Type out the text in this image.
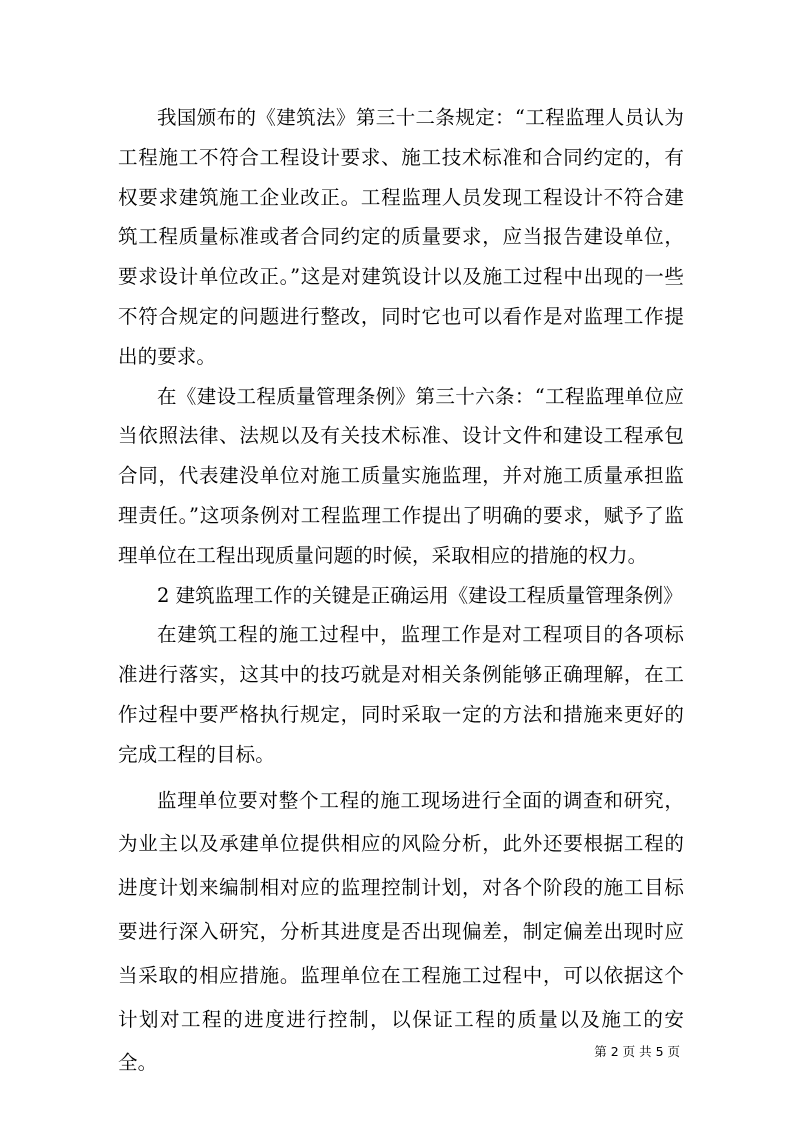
我国颁布的《建筑法》第三十二条规定：“工程监理人员认为工程施工不符合工程设计要求、施工技术标准和合同约定的，有权要求建筑施工企业改正。工程监理人员发现工程设计不符合建筑工程质量标准或者合同约定的质量要求，应当报告建设单位，要求设计单位改正。”这是对建筑设计以及施工过程中出现的一些不符合规定的问题进行整改，同时它也可以看作是对监理工作提出的要求。

在《建设工程质量管理条例》第三十六条：“工程监理单位应当依照法律、法规以及有关技术标准、设计文件和建设工程承包合同，代表建没单位对施工质量实施监理，并对施工质量承担监理责任。”这项条例对工程监理工作提出了明确的要求，赋予了监理单位在工程出现质量问题的时候，采取相应的措施的权力。

2 建筑监理工作的关键是正确运用《建设工程质量管理条例》

在建筑工程的施工过程中，监理工作是对工程项目的各项标准进行落实，这其中的技巧就是对相关条例能够正确理解，在工作过程中要严格执行规定，同时采取一定的方法和措施来更好的完成工程的目标。

监理单位要对整个工程的施工现场进行全面的调查和研究，为业主以及承建单位提供相应的风险分析，此外还要根据工程的进度计划来编制相对应的监理控制计划，对各个阶段的施工目标要进行深入研究，分析其进度是否出现偏差，制定偏差出现时应当采取的相应措施。监理单位在工程施工过程中，可以依据这个计划对工程的进度进行控制，以保证工程的质量以及施工的安全。	第 2 页 共 5 页
